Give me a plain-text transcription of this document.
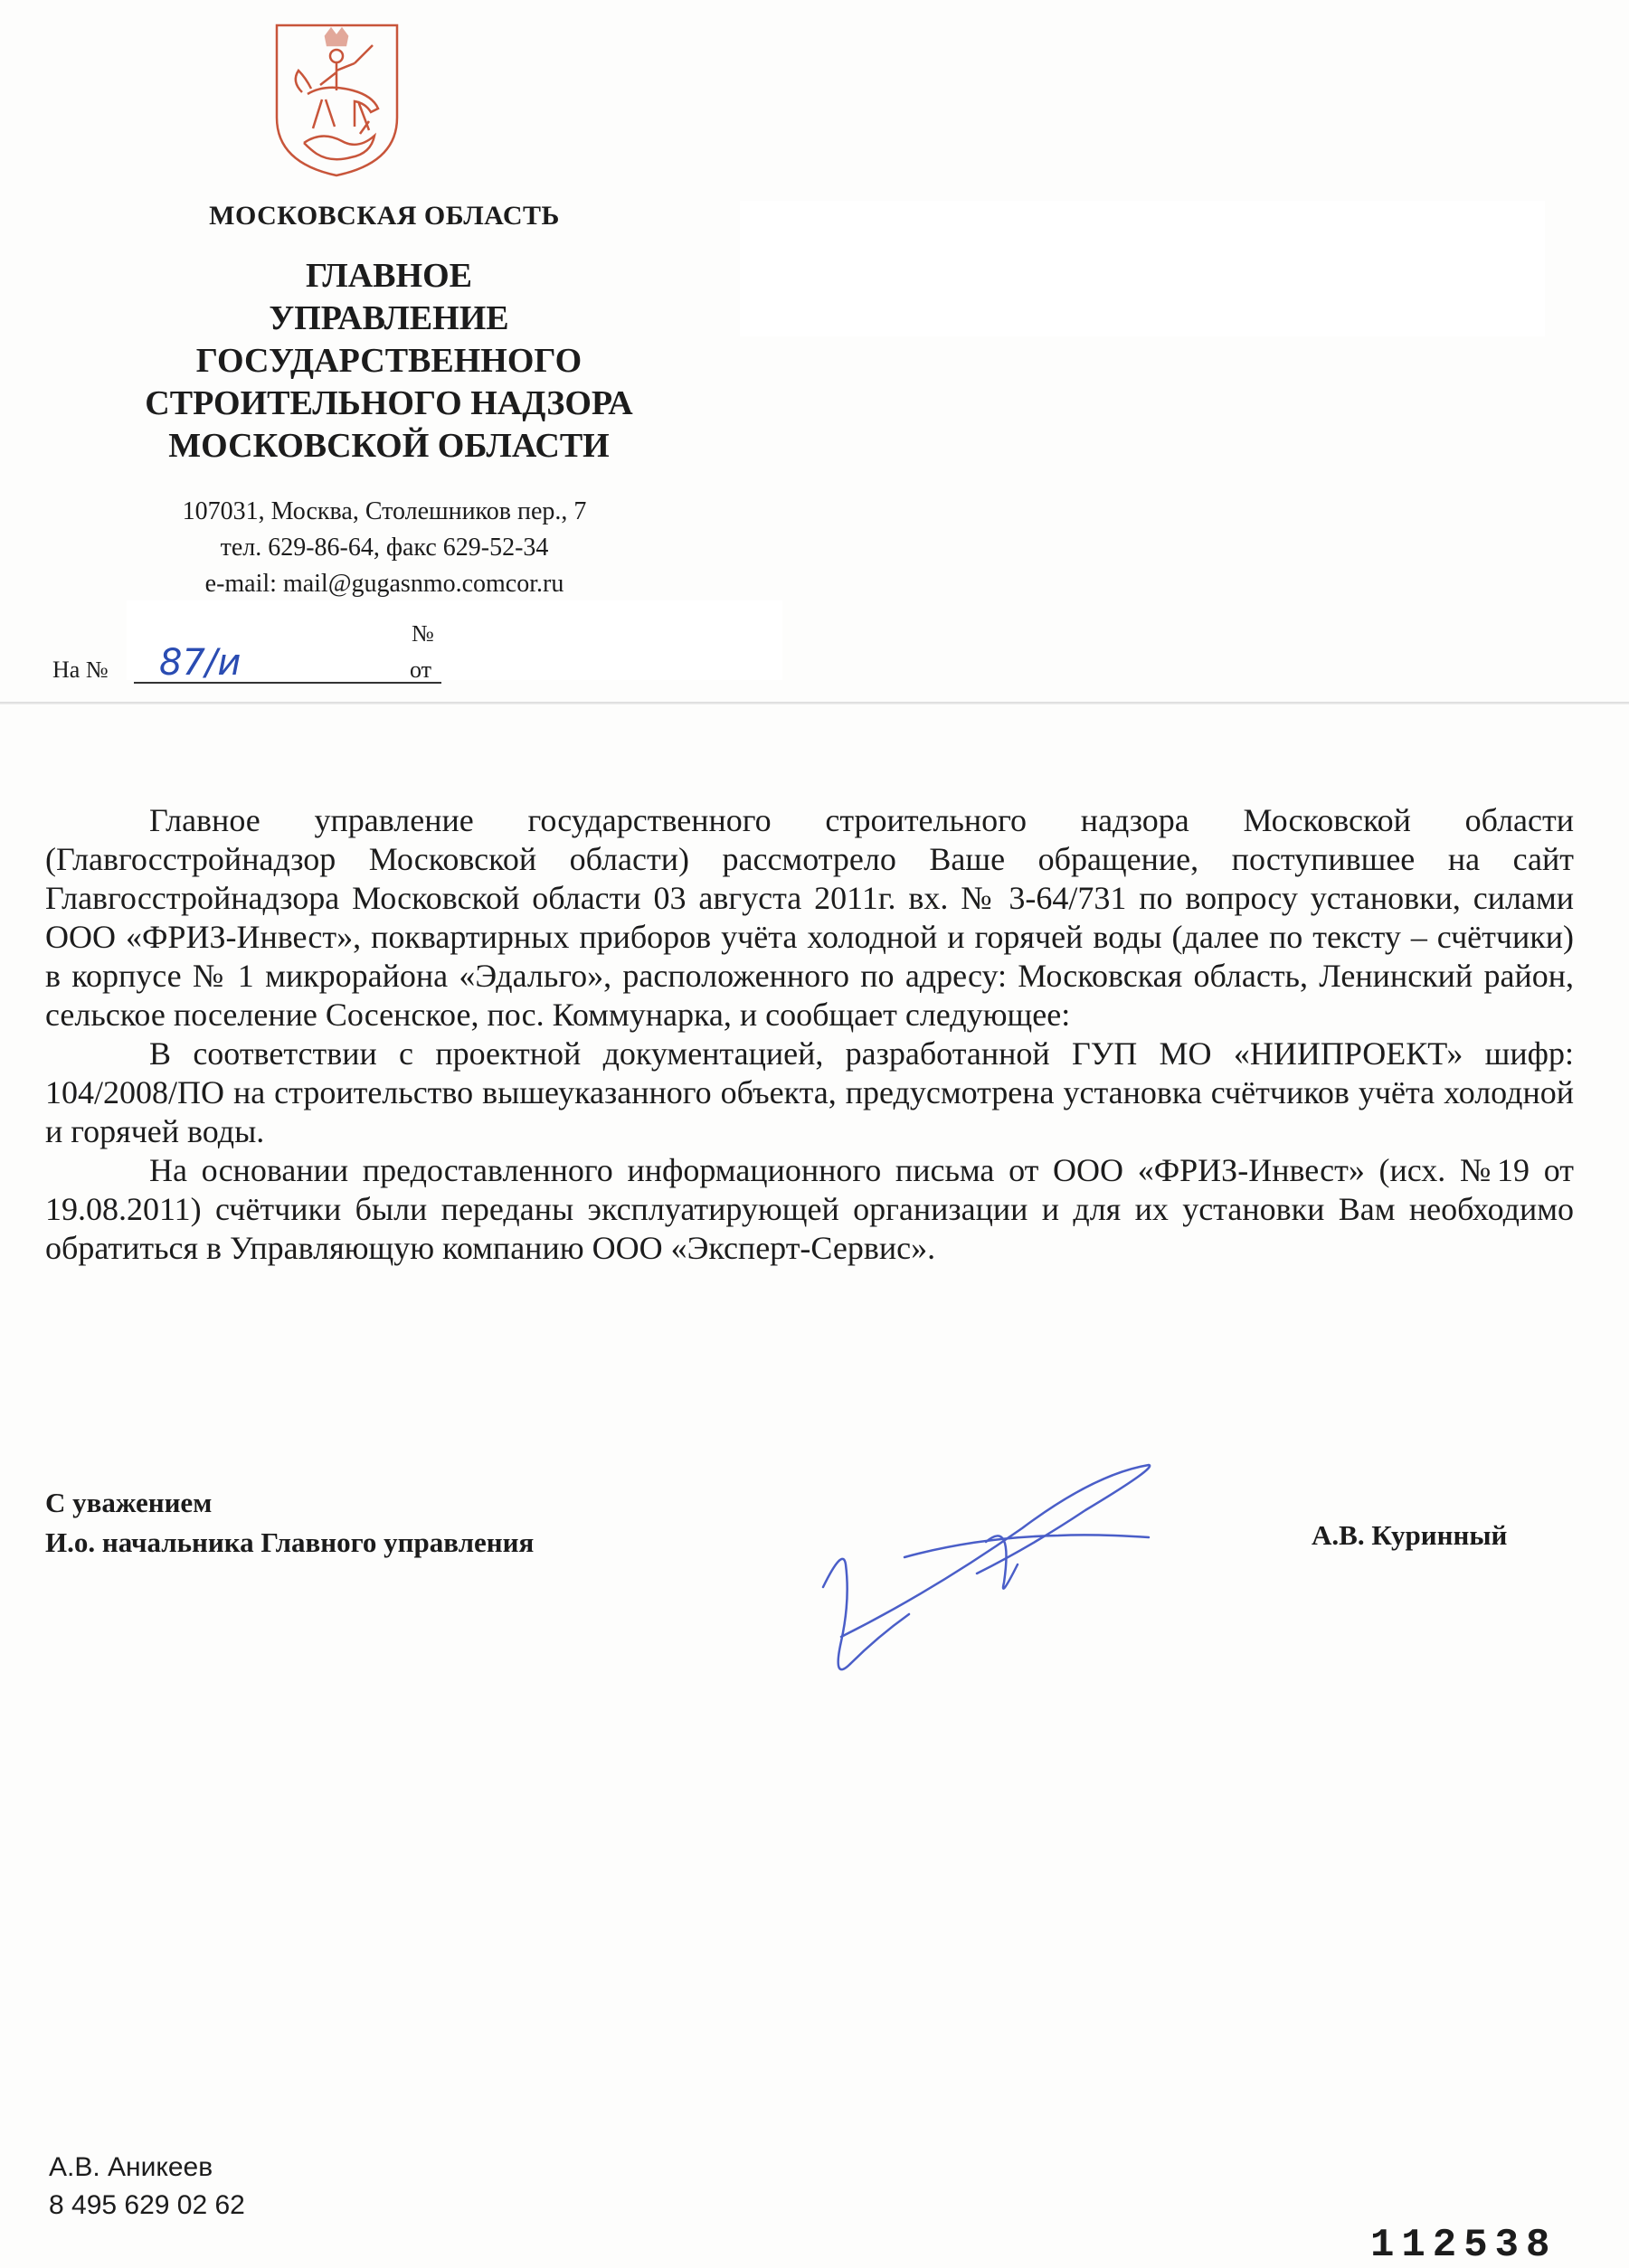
МОСКОВСКАЯ ОБЛАСТЬ
ГЛАВНОЕ
УПРАВЛЕНИЕ
ГОСУДАРСТВЕННОГО
СТРОИТЕЛЬНОГО НАДЗОРА
МОСКОВСКОЙ ОБЛАСТИ
107031, Москва, Столешников пер., 7
тел. 629-86-64, факс 629-52-34
e-mail: mail@gugasnmo.comcor.ru
№
На № 87/и	от

Главное управление государственного строительного надзора Московской области (Главгосстройнадзор Московской области) рассмотрело Ваше обращение, поступившее на сайт Главгосстройнадзора Московской области 03 августа 2011г. вх. № 3-64/731 по вопросу установки, силами ООО «ФРИЗ-Инвест», поквартирных приборов учёта холодной и горячей воды (далее по тексту – счётчики) в корпусе № 1 микрорайона «Эдальго», расположенного по адресу: Московская область, Ленинский район, сельское поселение Сосенское, пос. Коммунарка, и сообщает следующее:

В соответствии с проектной документацией, разработанной ГУП МО «НИИПРОЕКТ» шифр: 104/2008/ПО на строительство вышеуказанного объекта, предусмотрена установка счётчиков учёта холодной и горячей воды.

На основании предоставленного информационного письма от ООО «ФРИЗ-Инвест» (исх. №19 от 19.08.2011) счётчики были переданы эксплуатирующей организации и для их установки Вам необходимо обратиться в Управляющую компанию ООО «Эксперт-Сервис».

С уважением
И.о. начальника Главного управления	А.В. Куринный
А.В. Аникеев
8 495 629 02 62
112538
